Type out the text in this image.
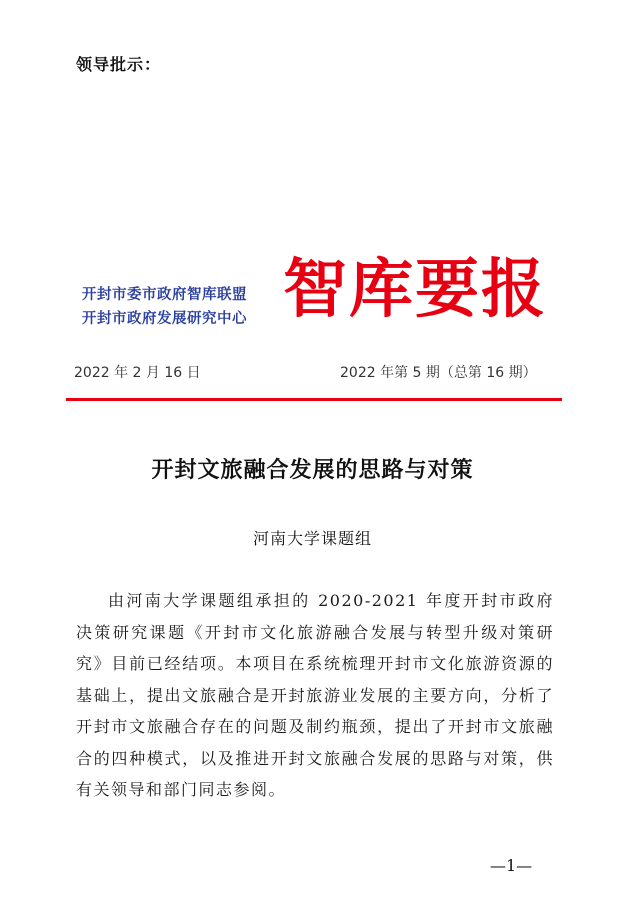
领导批示：
开封市委市政府智库联盟
开封市政府发展研究中心 智库要报
2022 年 2 月 16 日	2022 年第 5 期（总第 16 期）
开封文旅融合发展的思路与对策
河南大学课题组
由河南大学课题组承担的 2020-2021 年度开封市政府决策研究课题《开封市文化旅游融合发展与转型升级对策研究》目前已经结项。本项目在系统梳理开封市文化旅游资源的基础上，提出文旅融合是开封旅游业发展的主要方向，分析了开封市文旅融合存在的问题及制约瓶颈，提出了开封市文旅融合的四种模式，以及推进开封文旅融合发展的思路与对策，供有关领导和部门同志参阅。
—1—
